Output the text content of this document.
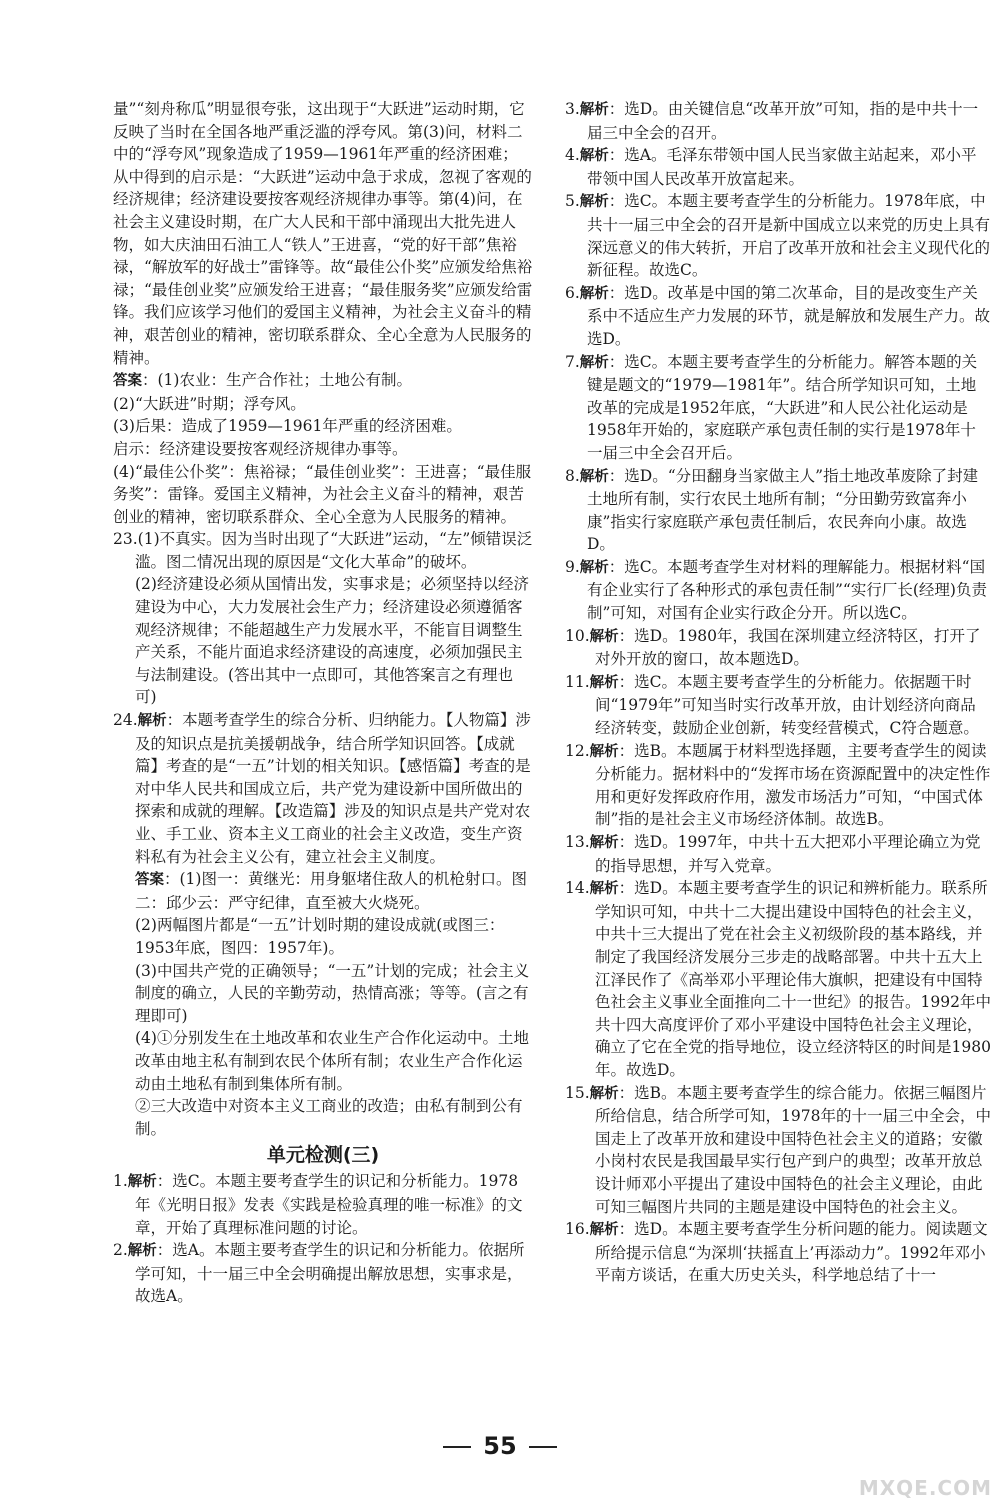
量”“刻舟称瓜”明显很夸张，这出现于“大跃进”运动时期，它反映了当时在全国各地严重泛滥的浮夸风。第(3)问，材料二中的“浮夸风”现象造成了1959—1961年严重的经济困难；从中得到的启示是：“大跃进”运动中急于求成，忽视了客观的经济规律；经济建设要按客观经济规律办事等。第(4)问，在社会主义建设时期，在广大人民和干部中涌现出大批先进人物，如大庆油田石油工人“铁人”王进喜，“党的好干部”焦裕禄，“解放军的好战士”雷锋等。故“最佳公仆奖”应颁发给焦裕禄；“最佳创业奖”应颁发给王进喜；“最佳服务奖”应颁发给雷锋。我们应该学习他们的爱国主义精神，为社会主义奋斗的精神，艰苦创业的精神，密切联系群众、全心全意为人民服务的精神。

答案：(1)农业：生产合作社；土地公有制。

(2)“大跃进”时期；浮夸风。

(3)后果：造成了1959—1961年严重的经济困难。

启示：经济建设要按客观经济规律办事等。

(4)“最佳公仆奖”：焦裕禄；“最佳创业奖”：王进喜；“最佳服务奖”：雷锋。爱国主义精神，为社会主义奋斗的精神，艰苦创业的精神，密切联系群众、全心全意为人民服务的精神。

23.(1)不真实。因为当时出现了“大跃进”运动，“左”倾错误泛滥。图二情况出现的原因是“文化大革命”的破坏。

(2)经济建设必须从国情出发，实事求是；必须坚持以经济建设为中心，大力发展社会生产力；经济建设必须遵循客观经济规律；不能超越生产力发展水平，不能盲目调整生产关系，不能片面追求经济建设的高速度，必须加强民主与法制建设。(答出其中一点即可，其他答案言之有理也可)

24.解析：本题考查学生的综合分析、归纳能力。【人物篇】涉及的知识点是抗美援朝战争，结合所学知识回答。【成就篇】考查的是“一五”计划的相关知识。【感悟篇】考查的是对中华人民共和国成立后，共产党为建设新中国所做出的探索和成就的理解。【改造篇】涉及的知识点是共产党对农业、手工业、资本主义工商业的社会主义改造，变生产资料私有为社会主义公有，建立社会主义制度。

答案：(1)图一：黄继光：用身躯堵住敌人的机枪射口。图二：邱少云：严守纪律，直至被大火烧死。

(2)两幅图片都是“一五”计划时期的建设成就(或图三：1953年底，图四：1957年)。

(3)中国共产党的正确领导；“一五”计划的完成；社会主义制度的确立，人民的辛勤劳动，热情高涨；等等。(言之有理即可)

(4)①分别发生在土地改革和农业生产合作化运动中。土地改革由地主私有制到农民个体所有制；农业生产合作化运动由土地私有制到集体所有制。

②三大改造中对资本主义工商业的改造；由私有制到公有制。

单元检测(三)

1.解析：选C。本题主要考查学生的识记和分析能力。1978年《光明日报》发表《实践是检验真理的唯一标准》的文章，开始了真理标准问题的讨论。

2.解析：选A。本题主要考查学生的识记和分析能力。依据所学可知，十一届三中全会明确提出解放思想，实事求是，故选A。

3.解析：选D。由关键信息“改革开放”可知，指的是中共十一届三中全会的召开。

4.解析：选A。毛泽东带领中国人民当家做主站起来，邓小平带领中国人民改革开放富起来。

5.解析：选C。本题主要考查学生的分析能力。1978年底，中共十一届三中全会的召开是新中国成立以来党的历史上具有深远意义的伟大转折，开启了改革开放和社会主义现代化的新征程。故选C。

6.解析：选D。改革是中国的第二次革命，目的是改变生产关系中不适应生产力发展的环节，就是解放和发展生产力。故选D。

7.解析：选C。本题主要考查学生的分析能力。解答本题的关键是题文的“1979—1981年”。结合所学知识可知，土地改革的完成是1952年底，“大跃进”和人民公社化运动是1958年开始的，家庭联产承包责任制的实行是1978年十一届三中全会召开后。

8.解析：选D。“分田翻身当家做主人”指土地改革废除了封建土地所有制，实行农民土地所有制；“分田勤劳致富奔小康”指实行家庭联产承包责任制后，农民奔向小康。故选D。

9.解析：选C。本题考查学生对材料的理解能力。根据材料“国有企业实行了各种形式的承包责任制”“实行厂长(经理)负责制”可知，对国有企业实行政企分开。所以选C。

10.解析：选D。1980年，我国在深圳建立经济特区，打开了对外开放的窗口，故本题选D。

11.解析：选C。本题主要考查学生的分析能力。依据题干时间“1979年”可知当时实行改革开放，由计划经济向商品经济转变，鼓励企业创新，转变经营模式，C符合题意。

12.解析：选B。本题属于材料型选择题，主要考查学生的阅读分析能力。据材料中的“发挥市场在资源配置中的决定性作用和更好发挥政府作用，激发市场活力”可知，“中国式体制”指的是社会主义市场经济体制。故选B。

13.解析：选D。1997年，中共十五大把邓小平理论确立为党的指导思想，并写入党章。

14.解析：选D。本题主要考查学生的识记和辨析能力。联系所学知识可知，中共十二大提出建设中国特色的社会主义，中共十三大提出了党在社会主义初级阶段的基本路线，并制定了我国经济发展分三步走的战略部署。中共十五大上江泽民作了《高举邓小平理论伟大旗帜，把建设有中国特色社会主义事业全面推向二十一世纪》的报告。1992年中共十四大高度评价了邓小平建设中国特色社会主义理论，确立了它在全党的指导地位，设立经济特区的时间是1980年。故选D。

15.解析：选B。本题主要考查学生的综合能力。依据三幅图片所给信息，结合所学可知，1978年的十一届三中全会，中国走上了改革开放和建设中国特色社会主义的道路；安徽小岗村农民是我国最早实行包产到户的典型；改革开放总设计师邓小平提出了建设中国特色的社会主义理论，由此可知三幅图片共同的主题是建设中国特色的社会主义。

16.解析：选D。本题主要考查学生分析问题的能力。阅读题文所给提示信息“为深圳‘扶摇直上’再添动力”。1992年邓小平南方谈话，在重大历史关头，科学地总结了十一

55
MXQE.COM
